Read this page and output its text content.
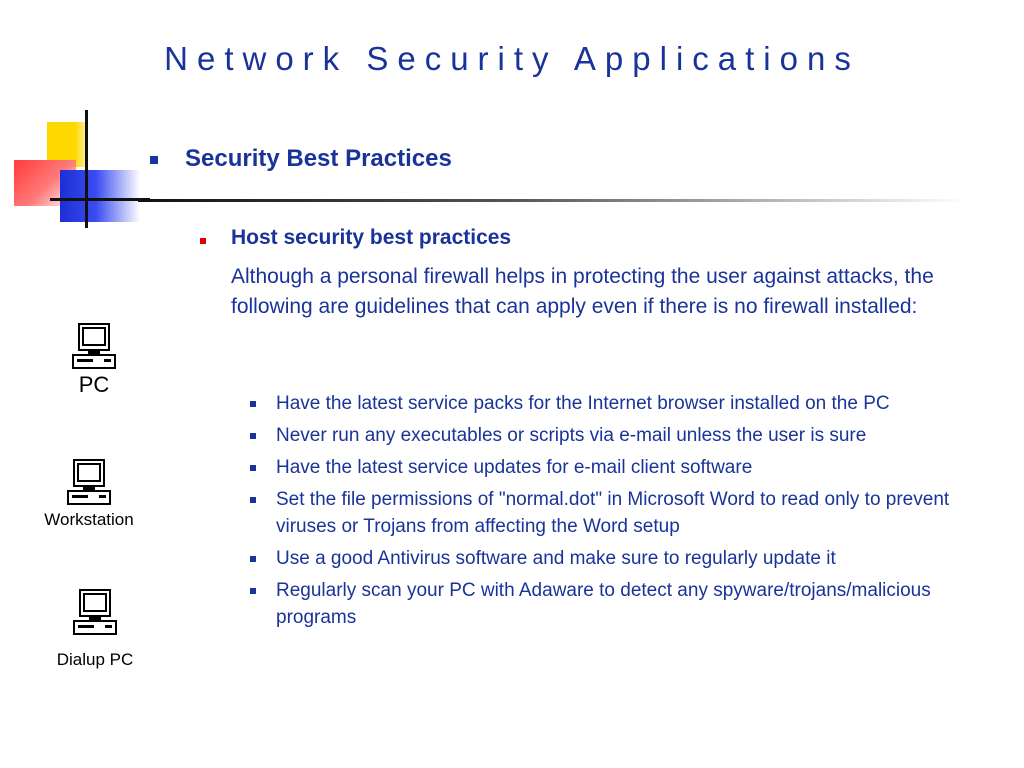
Network Security Applications
Security Best Practices
Host security best practices

Although a personal firewall helps in protecting the user against attacks, the following are guidelines that can apply even if there is no firewall installed:

Have the latest service packs for the Internet browser installed on the PC
Never run any executables or scripts via e-mail unless the user is sure
Have the latest service updates for e-mail client software
Set the file permissions of "normal.dot" in Microsoft Word to read only to prevent viruses or Trojans from affecting the Word setup
Use a good Antivirus software and make sure to regularly update it
Regularly scan your PC with Adaware to detect any spyware/trojans/malicious programs
PC
Workstation
Dialup PC
